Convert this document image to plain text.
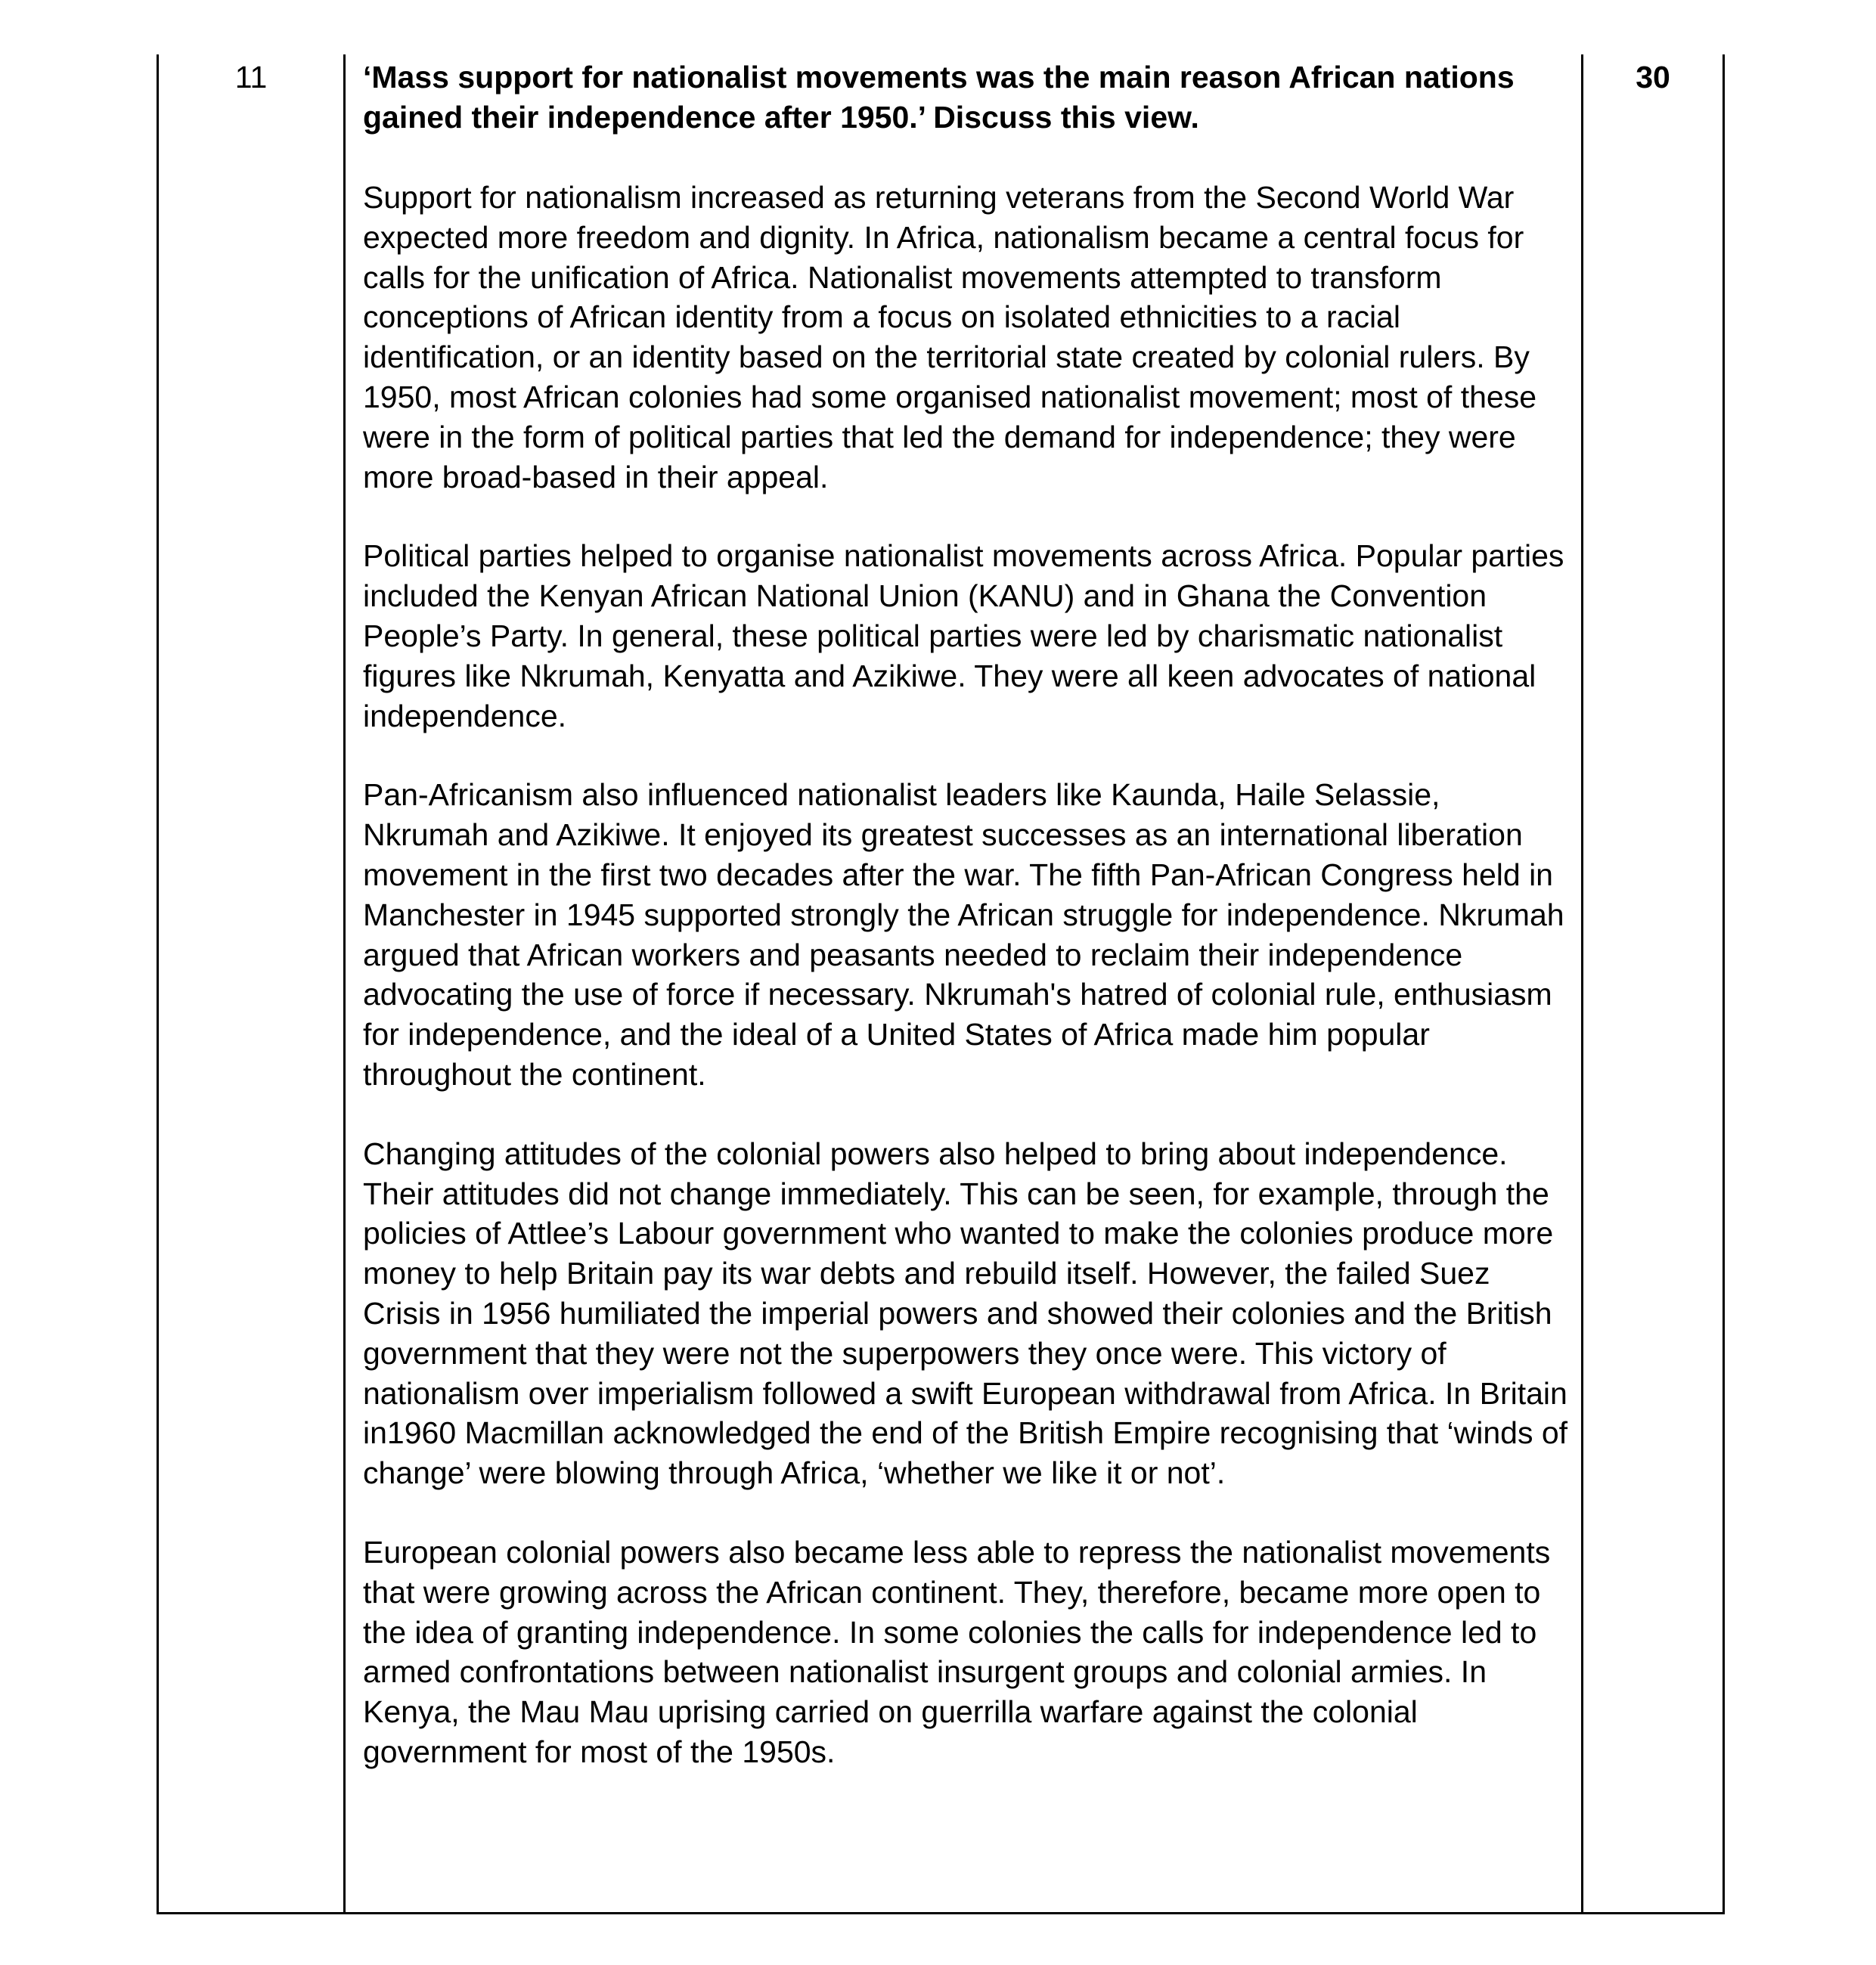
11	‘Mass support for nationalist movements was the main reason African nations gained their independence after 1950.’ Discuss this view.

Support for nationalism increased as returning veterans from the Second World War expected more freedom and dignity. In Africa, nationalism became a central focus for calls for the unification of Africa. Nationalist movements attempted to transform conceptions of African identity from a focus on isolated ethnicities to a racial identification, or an identity based on the territorial state created by colonial rulers. By 1950, most African colonies had some organised nationalist movement; most of these were in the form of political parties that led the demand for independence; they were more broad-based in their appeal.

Political parties helped to organise nationalist movements across Africa. Popular parties included the Kenyan African National Union (KANU) and in Ghana the Convention People’s Party. In general, these political parties were led by charismatic nationalist figures like Nkrumah, Kenyatta and Azikiwe. They were all keen advocates of national independence.

Pan-Africanism also influenced nationalist leaders like Kaunda, Haile Selassie, Nkrumah and Azikiwe. It enjoyed its greatest successes as an international liberation movement in the first two decades after the war. The fifth Pan-African Congress held in Manchester in 1945 supported strongly the African struggle for independence. Nkrumah argued that African workers and peasants needed to reclaim their independence advocating the use of force if necessary. Nkrumah's hatred of colonial rule, enthusiasm for independence, and the ideal of a United States of Africa made him popular throughout the continent.

Changing attitudes of the colonial powers also helped to bring about independence. Their attitudes did not change immediately. This can be seen, for example, through the policies of Attlee’s Labour government who wanted to make the colonies produce more money to help Britain pay its war debts and rebuild itself. However, the failed Suez Crisis in 1956 humiliated the imperial powers and showed their colonies and the British government that they were not the superpowers they once were. This victory of nationalism over imperialism followed a swift European withdrawal from Africa. In Britain in1960 Macmillan acknowledged the end of the British Empire recognising that ‘winds of change’ were blowing through Africa, ‘whether we like it or not’.

European colonial powers also became less able to repress the nationalist movements that were growing across the African continent. They, therefore, became more open to the idea of granting independence. In some colonies the calls for independence led to armed confrontations between nationalist insurgent groups and colonial armies. In Kenya, the Mau Mau uprising carried on guerrilla warfare against the colonial government for most of the 1950s.

30
